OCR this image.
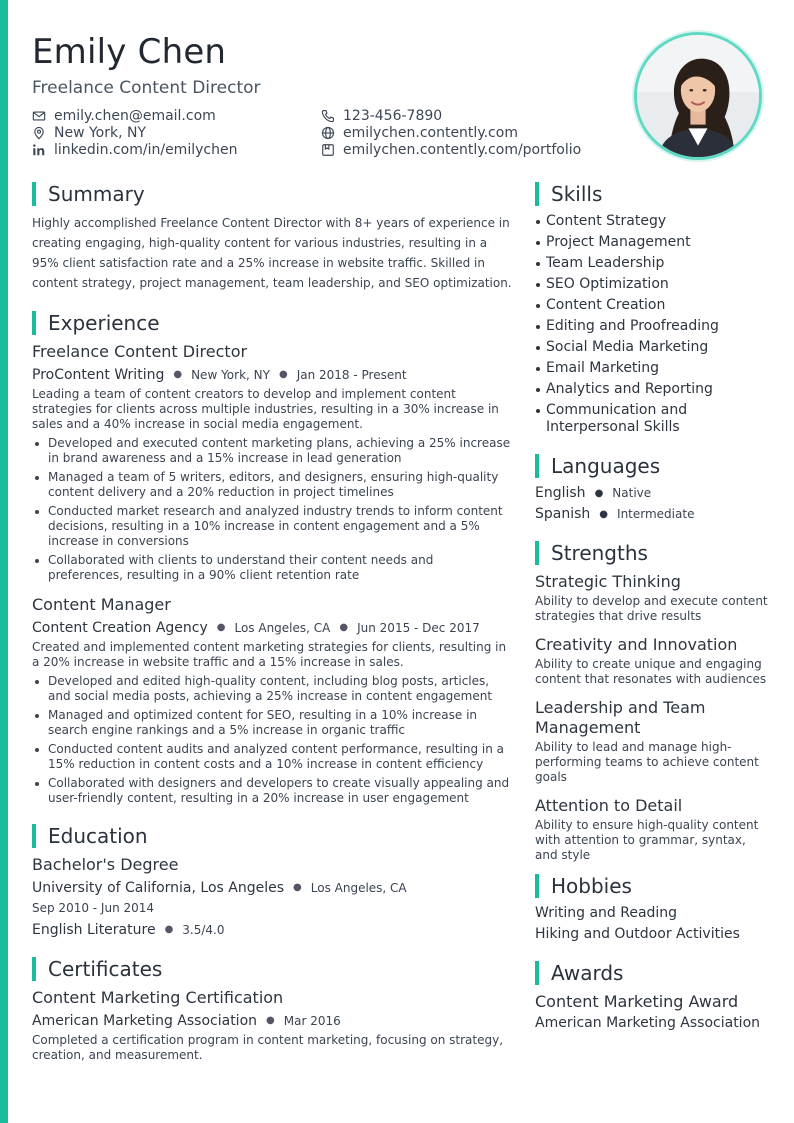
Emily Chen
Freelance Content Director
emily.chen@email.com	123-456-7890
New York, NY	emilychen.contently.com
linkedin.com/in/emilychen	emilychen.contently.com/portfolio
Summary

Highly accomplished Freelance Content Director with 8+ years of experience in creating engaging, high-quality content for various industries, resulting in a 95% client satisfaction rate and a 25% increase in website traffic. Skilled in content strategy, project management, team leadership, and SEO optimization.

Experience
Freelance Content Director
ProContent Writing ● New York, NY ● Jan 2018 - Present
Leading a team of content creators to develop and implement content strategies for clients across multiple industries, resulting in a 30% increase in sales and a 40% increase in social media engagement.
Developed and executed content marketing plans, achieving a 25% increase in brand awareness and a 15% increase in lead generation
Managed a team of 5 writers, editors, and designers, ensuring high-quality content delivery and a 20% reduction in project timelines
Conducted market research and analyzed industry trends to inform content decisions, resulting in a 10% increase in content engagement and a 5% increase in conversions
Collaborated with clients to understand their content needs and preferences, resulting in a 90% client retention rate
Content Manager
Content Creation Agency ● Los Angeles, CA ● Jun 2015 - Dec 2017
Created and implemented content marketing strategies for clients, resulting in a 20% increase in website traffic and a 15% increase in sales.
Developed and edited high-quality content, including blog posts, articles, and social media posts, achieving a 25% increase in content engagement
Managed and optimized content for SEO, resulting in a 10% increase in search engine rankings and a 5% increase in organic traffic
Conducted content audits and analyzed content performance, resulting in a 15% reduction in content costs and a 10% increase in content efficiency
Collaborated with designers and developers to create visually appealing and user-friendly content, resulting in a 20% increase in user engagement
Education
Bachelor's Degree
University of California, Los Angeles ● Los Angeles, CA
Sep 2010 - Jun 2014
English Literature ● 3.5/4.0
Certificates
Content Marketing Certification
American Marketing Association ● Mar 2016
Completed a certification program in content marketing, focusing on strategy, creation, and measurement.
Skills
Content Strategy
Project Management
Team Leadership
SEO Optimization
Content Creation
Editing and Proofreading
Social Media Marketing
Email Marketing
Analytics and Reporting
Communication and Interpersonal Skills
Languages
English ● Native
Spanish ● Intermediate
Strengths
Strategic Thinking
Ability to develop and execute content strategies that drive results
Creativity and Innovation
Ability to create unique and engaging content that resonates with audiences
Leadership and Team Management
Ability to lead and manage high-performing teams to achieve content goals
Attention to Detail
Ability to ensure high-quality content with attention to grammar, syntax, and style
Hobbies
Writing and Reading
Hiking and Outdoor Activities
Awards
Content Marketing Award
American Marketing Association
